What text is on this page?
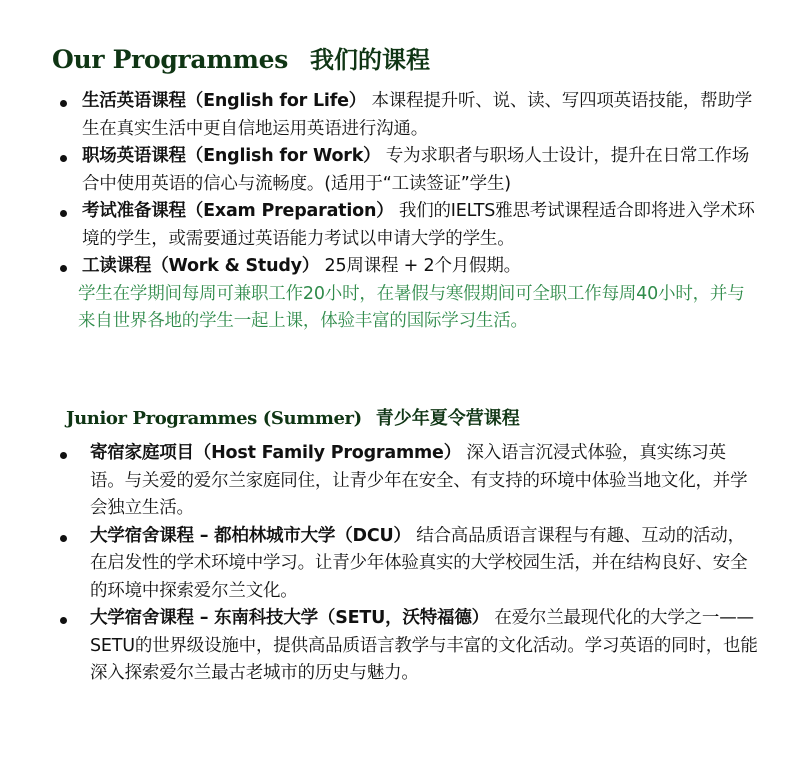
Our Programmes 我们的课程
生活英语课程（English for Life） 本课程提升听、说、读、写四项英语技能，帮助学生在真实生活中更自信地运用英语进行沟通。
职场英语课程（English for Work） 专为求职者与职场人士设计，提升在日常工作场合中使用英语的信心与流畅度。(适用于“工读签证”学生)
考试准备课程（Exam Preparation） 我们的IELTS雅思考试课程适合即将进入学术环境的学生，或需要通过英语能力考试以申请大学的学生。
工读课程（Work & Study） 25周课程 + 2个月假期。
学生在学期间每周可兼职工作20小时，在暑假与寒假期间可全职工作每周40小时，并与来自世界各地的学生一起上课，体验丰富的国际学习生活。
Junior Programmes (Summer) 青少年夏令营课程
寄宿家庭项目（Host Family Programme） 深入语言沉浸式体验，真实练习英语。与关爱的爱尔兰家庭同住，让青少年在安全、有支持的环境中体验当地文化，并学会独立生活。
大学宿舍课程 – 都柏林城市大学（DCU） 结合高品质语言课程与有趣、互动的活动，在启发性的学术环境中学习。让青少年体验真实的大学校园生活，并在结构良好、安全的环境中探索爱尔兰文化。
大学宿舍课程 – 东南科技大学（SETU，沃特福德） 在爱尔兰最现代化的大学之一——SETU的世界级设施中，提供高品质语言教学与丰富的文化活动。学习英语的同时，也能深入探索爱尔兰最古老城市的历史与魅力。
